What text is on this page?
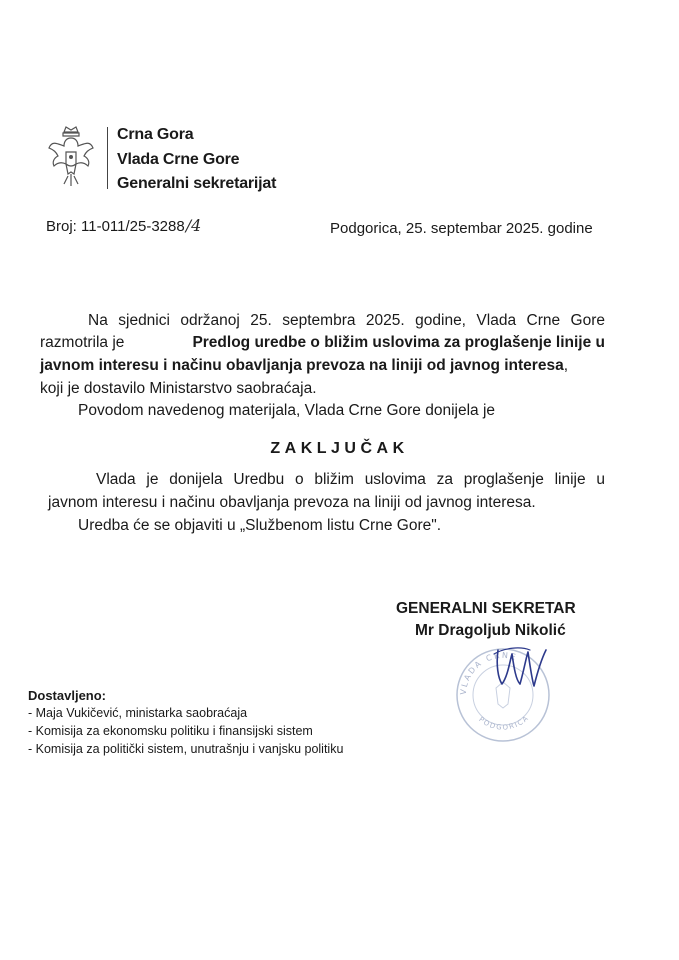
Crna Gora
Vlada Crne Gore
Generalni sekretarijat
Broj: 11-011/25-3288/4	Podgorica, 25. septembar 2025. godine
Na sjednici održanoj 25. septembra 2025. godine, Vlada Crne Gore
razmotrila je	Predlog uredbe o bližim uslovima za proglašenje linije u
javnom interesu i načinu obavljanja prevoza na liniji od javnog interesa,
koji je dostavilo Ministarstvo saobraćaja.
Povodom navedenog materijala, Vlada Crne Gore donijela je
ZAKLJUČAK
Vlada je donijela Uredbu o bližim uslovima za proglašenje linije u
javnom interesu i načinu obavljanja prevoza na liniji od javnog interesa.
Uredba će se objaviti u „Službenom listu Crne Gore".
GENERALNI SEKRETAR
Mr Dragoljub Nikolić
VLADA CRNE
PODGORICA
Dostavljeno:
- Maja Vukičević, ministarka saobraćaja
- Komisija za ekonomsku politiku i finansijski sistem
- Komisija za politički sistem, unutrašnju i vanjsku politiku
